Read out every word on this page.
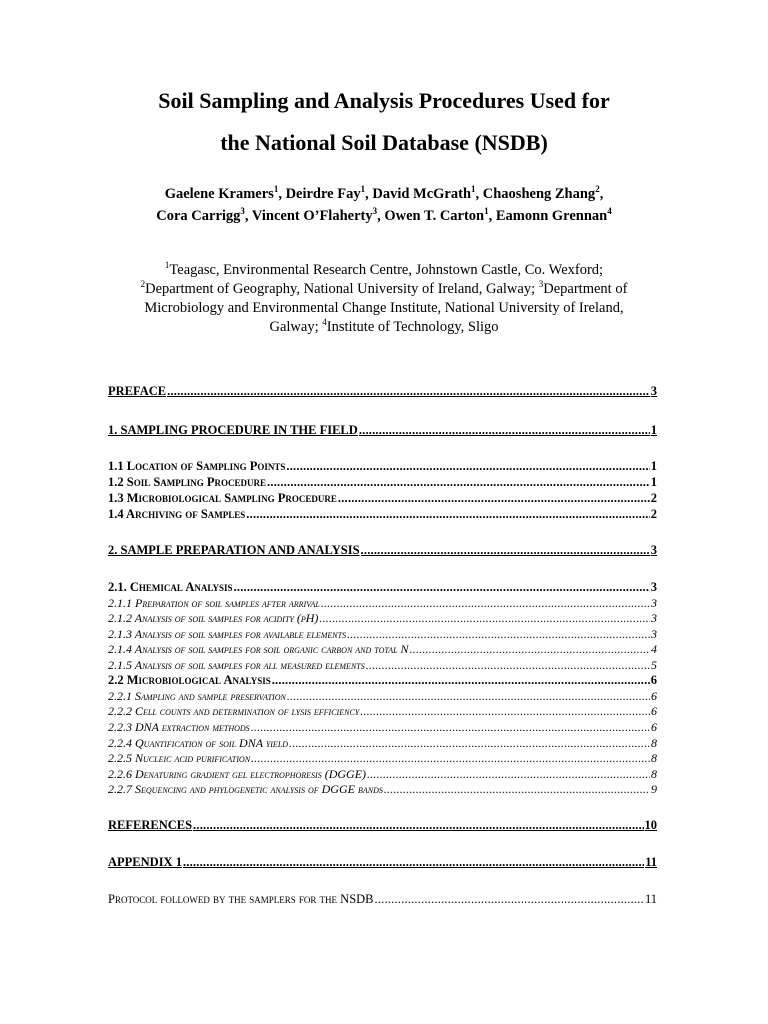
Soil Sampling and Analysis Procedures Used for
the National Soil Database (NSDB)
Gaelene Kramers$^1$, Deirdre Fay$^1$, David McGrath$^1$, Chaosheng Zhang$^2$,
Cora Carrigg$^3$, Vincent O’Flaherty$^3$, Owen T. Carton$^1$, Eamonn Grennan$^4$
$^1$Teagasc, Environmental Research Centre, Johnstown Castle, Co. Wexford;
$^2$Department of Geography, National University of Ireland, Galway; $^3$Department of
Microbiology and Environmental Change Institute, National University of Ireland,
Galway; $^4$Institute of Technology, Sligo
PREFACE .....	3
1. SAMPLING PROCEDURE IN THE FIELD .....	1
1.1 Location of Sampling Points .....	1
1.2 Soil Sampling Procedure .....	1
1.3 Microbiological Sampling Procedure .....	2
1.4 Archiving of Samples .....	2
2. SAMPLE PREPARATION AND ANALYSIS .....	3
2.1. Chemical Analysis .....	3
2.1.1 Preparation of soil samples after arrival .....	3
2.1.2 Analysis of soil samples for acidity (pH) .....	3
2.1.3 Analysis of soil samples for available elements .....	3
2.1.4 Analysis of soil samples for soil organic carbon and total N .....	4
2.1.5 Analysis of soil samples for all measured elements .....	5
2.2 Microbiological Analysis .....	6
2.2.1 Sampling and sample preservation .....	6
2.2.2 Cell counts and determination of lysis efficiency .....	6
2.2.3 DNA extraction methods .....	6
2.2.4 Quantification of soil DNA yield .....	8
2.2.5 Nucleic acid purification .....	8
2.2.6 Denaturing gradient gel electrophoresis (DGGE) .....	8
2.2.7 Sequencing and phylogenetic analysis of DGGE bands .....	9
REFERENCES .....	10
APPENDIX 1 .....	11
Protocol followed by the samplers for the NSDB .....	11
